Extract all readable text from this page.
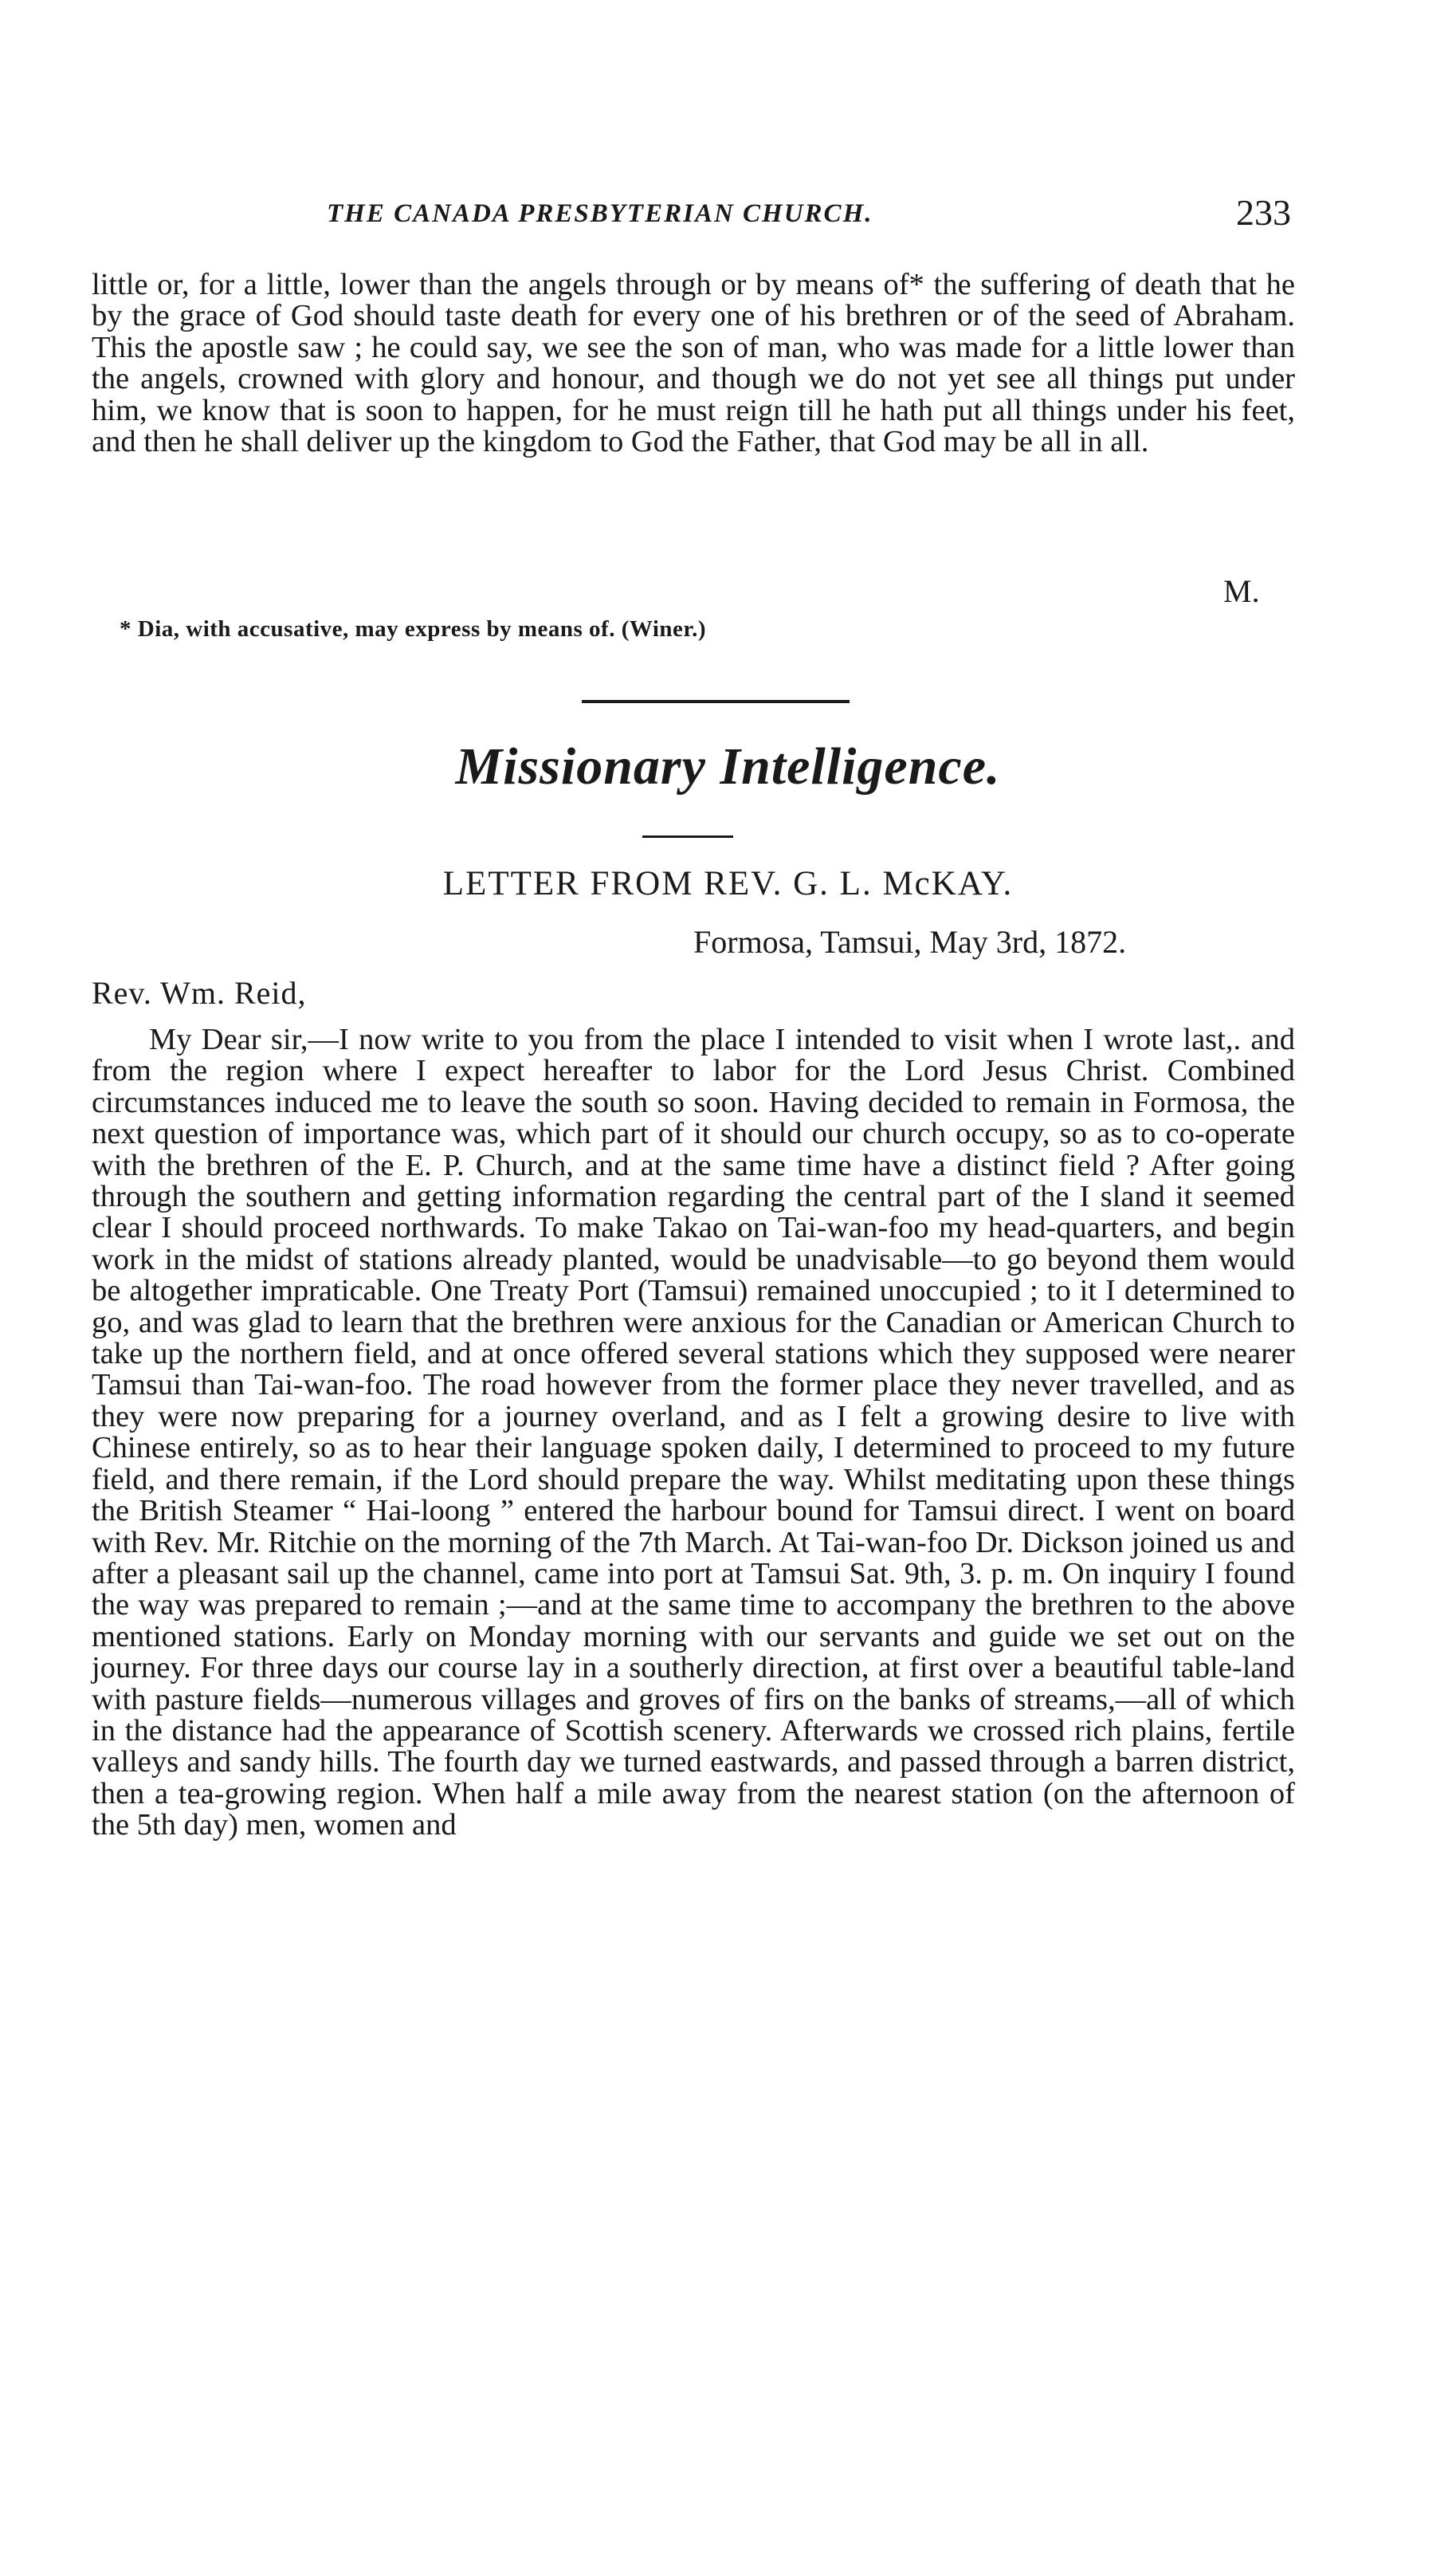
THE CANADA PRESBYTERIAN CHURCH.	233

little or, for a little, lower than the angels through or by means of* the suffering of death that he by the grace of God should taste death for every one of his brethren or of the seed of Abraham. This the apostle saw ; he could say, we see the son of man, who was made for a little lower than the angels, crowned with glory and honour, and though we do not yet see all things put under him, we know that is soon to happen, for he must reign till he hath put all things under his feet, and then he shall deliver up the kingdom to God the Father, that God may be all in all.

M.
* Dia, with accusative, may express by means of. (Winer.)
Missionary Intelligence.
LETTER FROM REV. G. L. McKAY.
Formosa, Tamsui, May 3rd, 1872.
Rev. Wm. Reid,

My Dear sir,—I now write to you from the place I intended to visit when I wrote last,. and from the region where I expect hereafter to labor for the Lord Jesus Christ. Combined circumstances induced me to leave the south so soon. Having decided to remain in Formosa, the next question of importance was, which part of it should our church occupy, so as to co-operate with the brethren of the E. P. Church, and at the same time have a distinct field ? After going through the southern and getting information regarding the central part of the I sland it seemed clear I should proceed northwards. To make Takao on Tai-wan-foo my head-quarters, and begin work in the midst of stations already planted, would be unadvisable—to go beyond them would be altogether impraticable. One Treaty Port (Tamsui) remained unoccupied ; to it I determined to go, and was glad to learn that the brethren were anxious for the Canadian or American Church to take up the northern field, and at once offered several stations which they supposed were nearer Tamsui than Tai-wan-foo. The road however from the former place they never travelled, and as they were now preparing for a journey overland, and as I felt a growing desire to live with Chinese entirely, so as to hear their language spoken daily, I determined to proceed to my future field, and there remain, if the Lord should prepare the way. Whilst meditating upon these things the British Steamer “ Hai-loong ” entered the harbour bound for Tamsui direct. I went on board with Rev. Mr. Ritchie on the morning of the 7th March. At Tai-wan-foo Dr. Dickson joined us and after a pleasant sail up the channel, came into port at Tamsui Sat. 9th, 3. p. m. On inquiry I found the way was prepared to remain ;—and at the same time to accompany the brethren to the above mentioned stations. Early on Monday morning with our servants and guide we set out on the journey. For three days our course lay in a southerly direction, at first over a beautiful table-land with pasture fields—numerous villages and groves of firs on the banks of streams,—all of which in the distance had the appearance of Scottish scenery. Afterwards we crossed rich plains, fertile valleys and sandy hills. The fourth day we turned eastwards, and passed through a barren district, then a tea-growing region. When half a mile away from the nearest station (on the afternoon of the 5th day) men, women and
